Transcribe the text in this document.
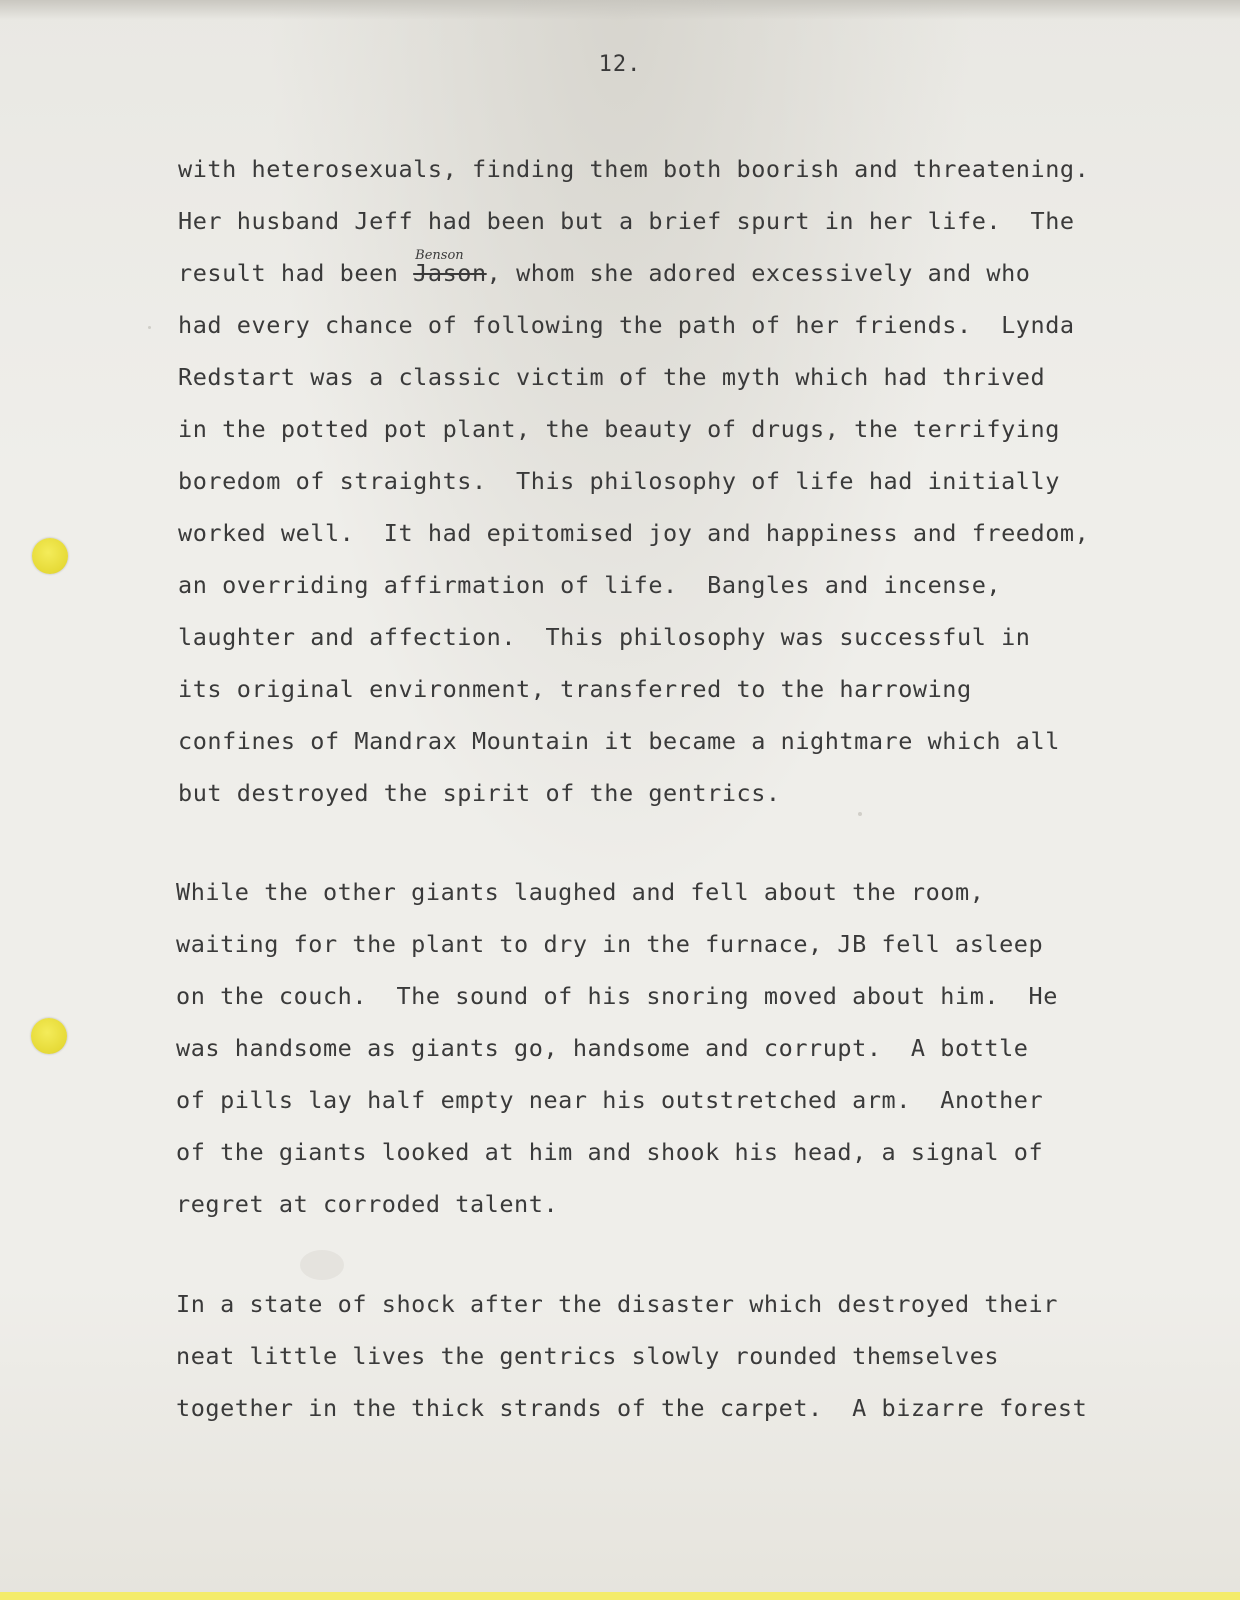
12.
with heterosexuals, finding them both boorish and threatening.
Her husband Jeff had been but a brief spurt in her life.  The
result had been Jason
Benson
, whom she adored excessively and who
had every chance of following the path of her friends.  Lynda
Redstart was a classic victim of the myth which had thrived
in the potted pot plant, the beauty of drugs, the terrifying
boredom of straights.  This philosophy of life had initially
worked well.  It had epitomised joy and happiness and freedom,
an overriding affirmation of life.  Bangles and incense,
laughter and affection.  This philosophy was successful in
its original environment, transferred to the harrowing
confines of Mandrax Mountain it became a nightmare which all
but destroyed the spirit of the gentrics.
While the other giants laughed and fell about the room,
waiting for the plant to dry in the furnace, JB fell asleep
on the couch.  The sound of his snoring moved about him.  He
was handsome as giants go, handsome and corrupt.  A bottle
of pills lay half empty near his outstretched arm.  Another
of the giants looked at him and shook his head, a signal of
regret at corroded talent.
In a state of shock after the disaster which destroyed their
neat little lives the gentrics slowly rounded themselves
together in the thick strands of the carpet.  A bizarre forest
